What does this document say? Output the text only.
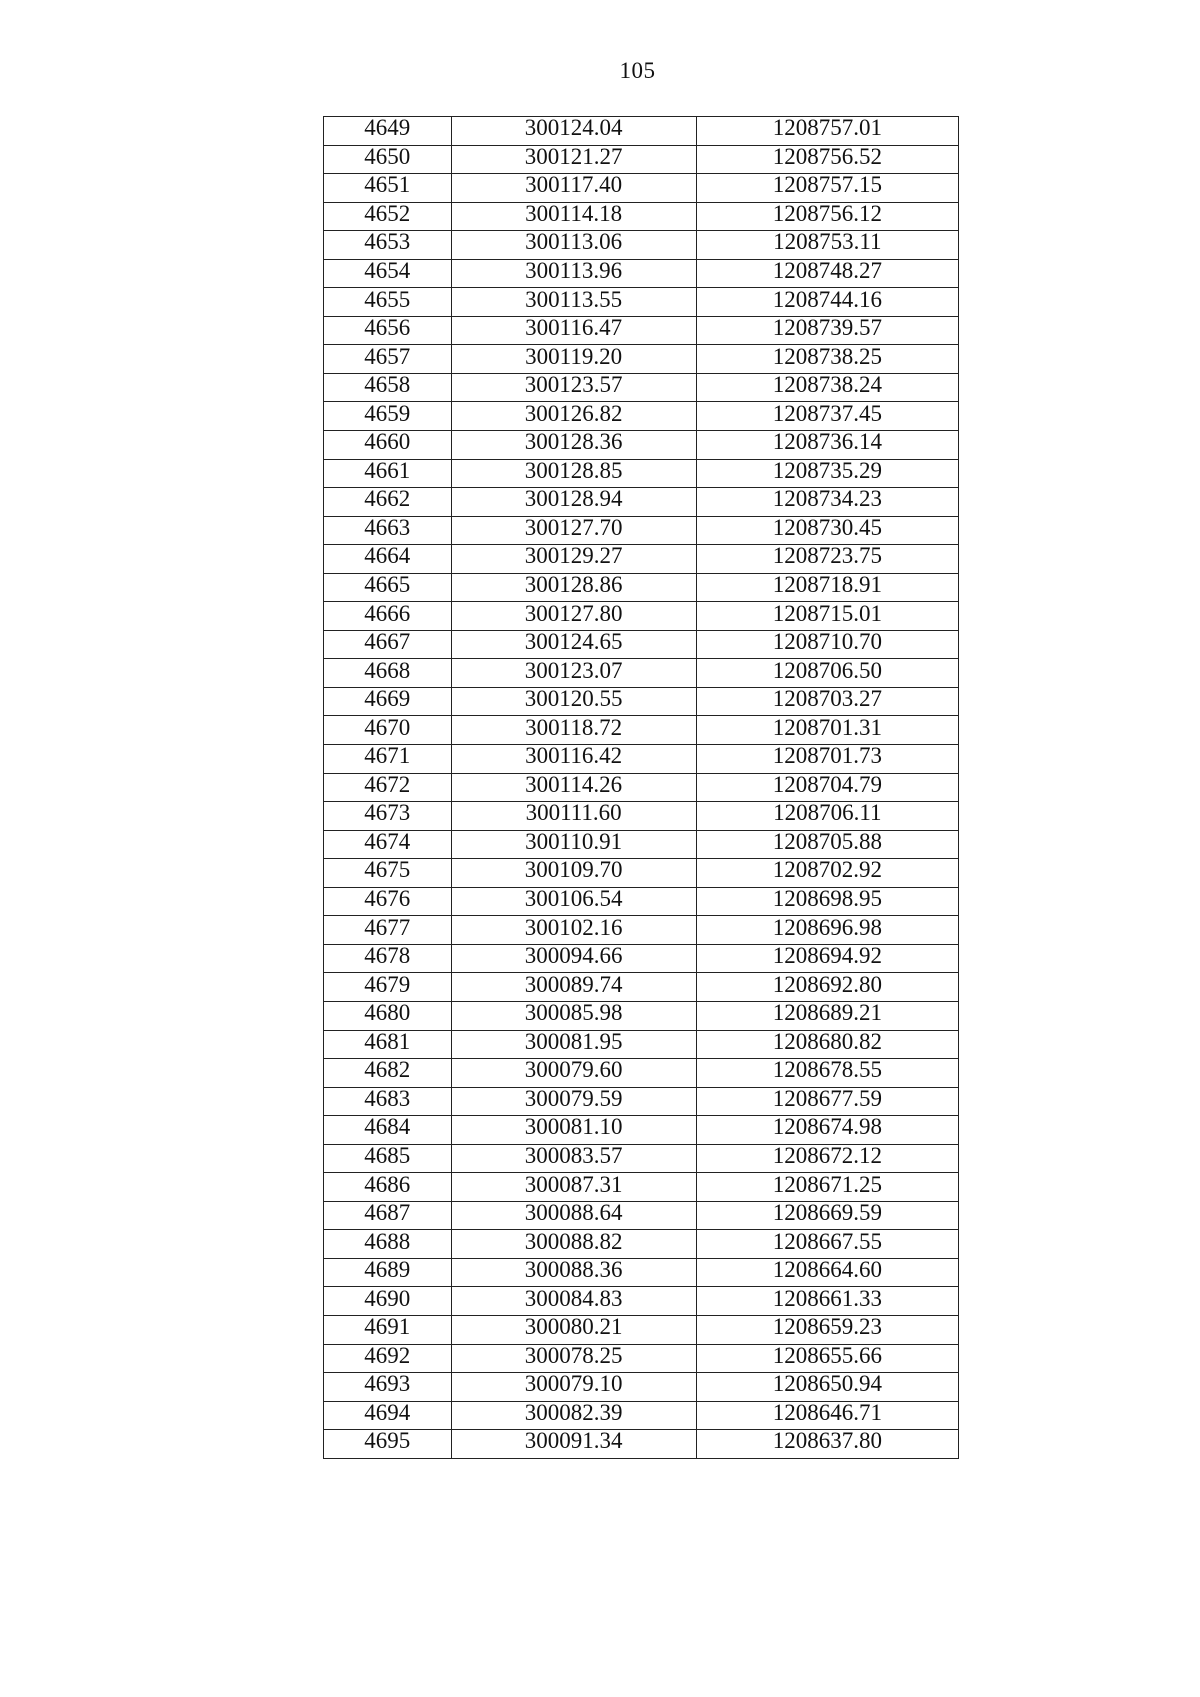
105
4649	300124.04	1208757.01
4650	300121.27	1208756.52
4651	300117.40	1208757.15
4652	300114.18	1208756.12
4653	300113.06	1208753.11
4654	300113.96	1208748.27
4655	300113.55	1208744.16
4656	300116.47	1208739.57
4657	300119.20	1208738.25
4658	300123.57	1208738.24
4659	300126.82	1208737.45
4660	300128.36	1208736.14
4661	300128.85	1208735.29
4662	300128.94	1208734.23
4663	300127.70	1208730.45
4664	300129.27	1208723.75
4665	300128.86	1208718.91
4666	300127.80	1208715.01
4667	300124.65	1208710.70
4668	300123.07	1208706.50
4669	300120.55	1208703.27
4670	300118.72	1208701.31
4671	300116.42	1208701.73
4672	300114.26	1208704.79
4673	300111.60	1208706.11
4674	300110.91	1208705.88
4675	300109.70	1208702.92
4676	300106.54	1208698.95
4677	300102.16	1208696.98
4678	300094.66	1208694.92
4679	300089.74	1208692.80
4680	300085.98	1208689.21
4681	300081.95	1208680.82
4682	300079.60	1208678.55
4683	300079.59	1208677.59
4684	300081.10	1208674.98
4685	300083.57	1208672.12
4686	300087.31	1208671.25
4687	300088.64	1208669.59
4688	300088.82	1208667.55
4689	300088.36	1208664.60
4690	300084.83	1208661.33
4691	300080.21	1208659.23
4692	300078.25	1208655.66
4693	300079.10	1208650.94
4694	300082.39	1208646.71
4695	300091.34	1208637.80
